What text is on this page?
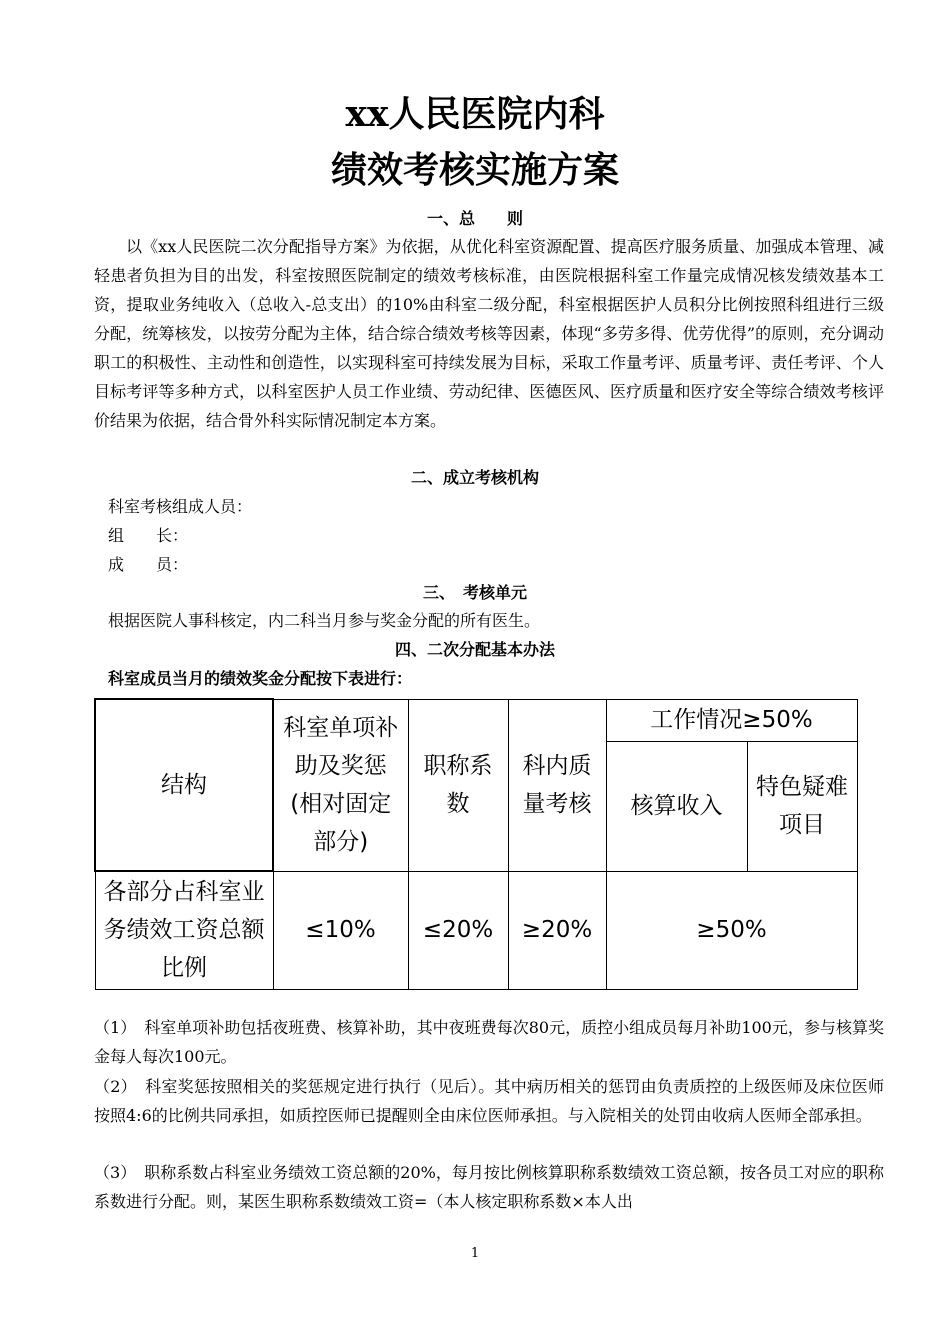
xx人民医院内科
绩效考核实施方案
一、总　　则

以《xx人民医院二次分配指导方案》为依据，从优化科室资源配置、提高医疗服务质量、加强成本管理、减轻患者负担为目的出发，科室按照医院制定的绩效考核标准，由医院根据科室工作量完成情况核发绩效基本工资，提取业务纯收入（总收入-总支出）的10%由科室二级分配，科室根据医护人员积分比例按照科组进行三级分配，统筹核发，以按劳分配为主体，结合综合绩效考核等因素，体现“多劳多得、优劳优得”的原则，充分调动职工的积极性、主动性和创造性，以实现科室可持续发展为目标，采取工作量考评、质量考评、责任考评、个人目标考评等多种方式，以科室医护人员工作业绩、劳动纪律、医德医风、医疗质量和医疗安全等综合绩效考核评价结果为依据，结合骨外科实际情况制定本方案。

二、成立考核机构
科室考核组成人员：
组　　长：
成　　员：
三、　考核单元
根据医院人事科核定，内二科当月参与奖金分配的所有医生。
四、二次分配基本办法
科室成员当月的绩效奖金分配按下表进行：
结构	科室单项补助及奖惩(相对固定部分)	职称系数	科内质量考核	工作情况≥50%	
				核算收入	特色疑难项目
各部分占科室业务绩效工资总额比例	≤10%	≤20%	≥20%	≥50%	

（1）　科室单项补助包括夜班费、核算补助，其中夜班费每次80元，质控小组成员每月补助100元，参与核算奖金每人每次100元。

（2）　科室奖惩按照相关的奖惩规定进行执行（见后）。其中病历相关的惩罚由负责质控的上级医师及床位医师按照4:6的比例共同承担，如质控医师已提醒则全由床位医师承担。与入院相关的处罚由收病人医师全部承担。

（3）　职称系数占科室业务绩效工资总额的20%，每月按比例核算职称系数绩效工资总额，按各员工对应的职称系数进行分配。则，某医生职称系数绩效工资=（本人核定职称系数×本人出

1
